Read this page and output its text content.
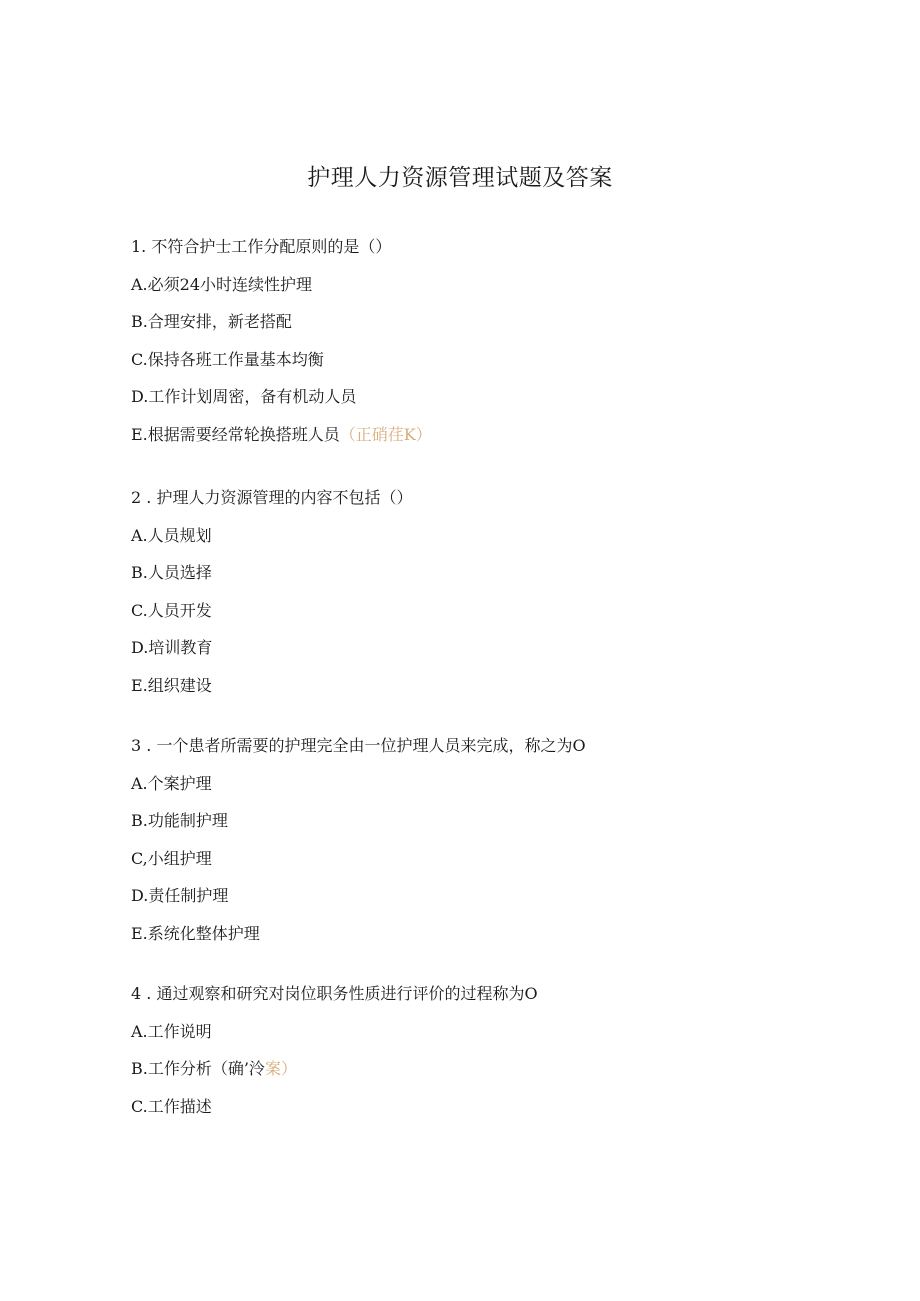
护理人力资源管理试题及答案
1. 不符合护士工作分配原则的是（）
A.必须24小时连续性护理
B.合理安排，新老搭配
C.保持各班工作量基本均衡
D.工作计划周密，备有机动人员
E.根据需要经常轮换搭班人员（正硝荏K）
2 . 护理人力资源管理的内容不包括（）
A.人员规划
B.人员选择
C.人员开发
D.培训教育
E.组织建设
3 . 一个患者所需要的护理完全由一位护理人员来完成，称之为O
A.个案护理
B.功能制护理
C,小组护理
D.责任制护理
E.系统化整体护理
4 . 通过观察和研究对岗位职务性质进行评价的过程称为O
A.工作说明
B.工作分析（确’泠案）
C.工作描述
